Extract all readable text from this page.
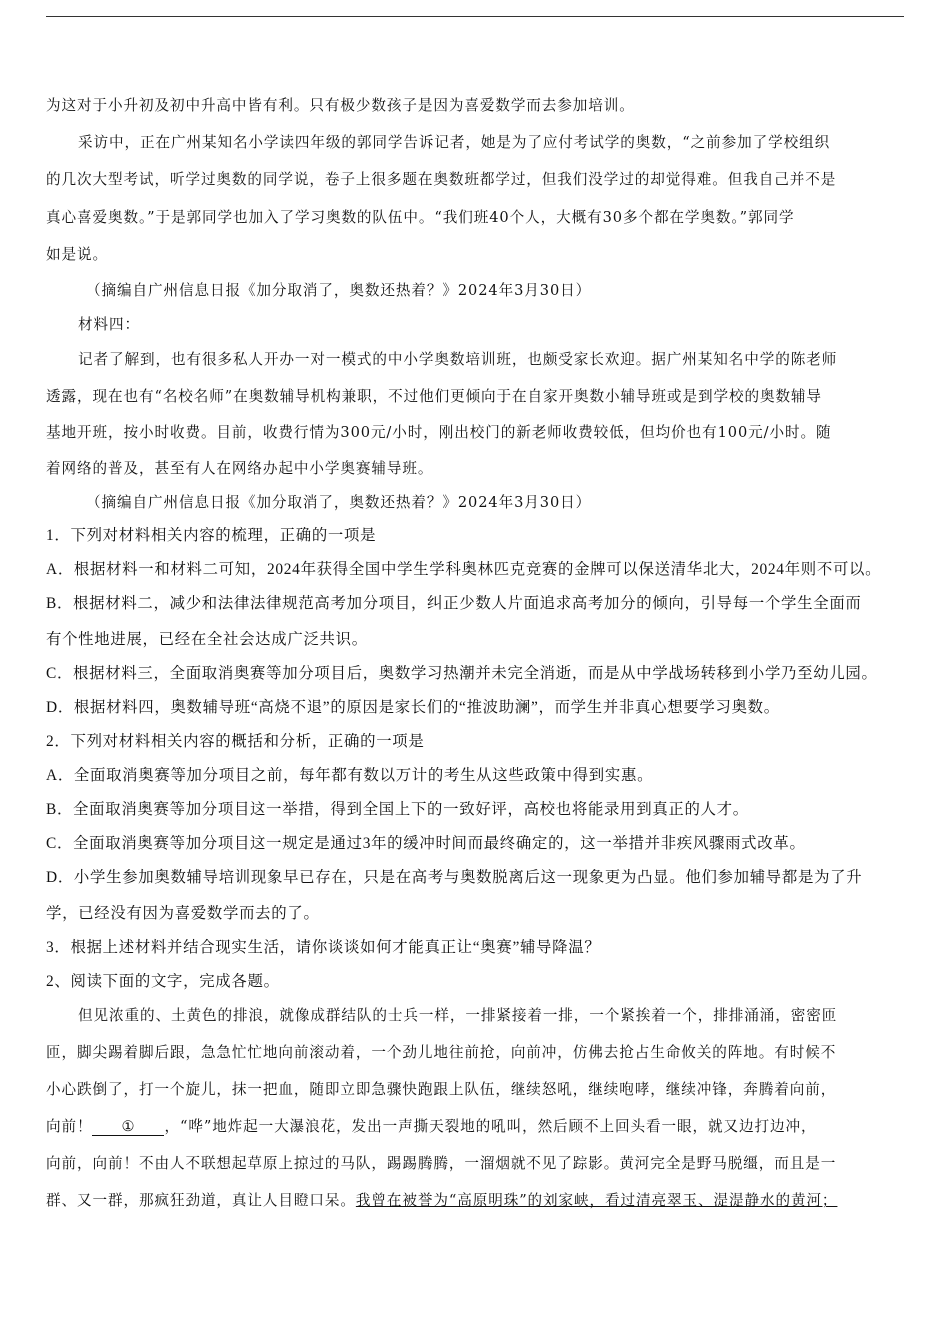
为这对于小升初及初中升高中皆有利。只有极少数孩子是因为喜爱数学而去参加培训。
采访中，正在广州某知名小学读四年级的郭同学告诉记者，她是为了应付考试学的奥数，“之前参加了学校组织
的几次大型考试，听学过奥数的同学说，卷子上很多题在奥数班都学过，但我们没学过的却觉得难。但我自己并不是
真心喜爱奥数。”于是郭同学也加入了学习奥数的队伍中。“我们班40个人，大概有30多个都在学奥数。”郭同学
如是说。
（摘编自广州信息日报《加分取消了，奥数还热着？》2024年3月30日）
材料四：
记者了解到，也有很多私人开办一对一模式的中小学奥数培训班，也颇受家长欢迎。据广州某知名中学的陈老师
透露，现在也有“名校名师”在奥数辅导机构兼职，不过他们更倾向于在自家开奥数小辅导班或是到学校的奥数辅导
基地开班，按小时收费。目前，收费行情为300元/小时，刚出校门的新老师收费较低，但均价也有100元/小时。随
着网络的普及，甚至有人在网络办起中小学奥赛辅导班。
（摘编自广州信息日报《加分取消了，奥数还热着？》2024年3月30日）
1．下列对材料相关内容的梳理，正确的一项是
A．根据材料一和材料二可知，2024年获得全国中学生学科奥林匹克竞赛的金牌可以保送清华北大，2024年则不可以。
B．根据材料二，减少和法律法律规范高考加分项目，纠正少数人片面追求高考加分的倾向，引导每一个学生全面而
有个性地进展，已经在全社会达成广泛共识。
C．根据材料三，全面取消奥赛等加分项目后，奥数学习热潮并未完全消逝，而是从中学战场转移到小学乃至幼儿园。
D．根据材料四，奥数辅导班“高烧不退”的原因是家长们的“推波助澜”，而学生并非真心想要学习奥数。
2．下列对材料相关内容的概括和分析，正确的一项是
A．全面取消奥赛等加分项目之前，每年都有数以万计的考生从这些政策中得到实惠。
B．全面取消奥赛等加分项目这一举措，得到全国上下的一致好评，高校也将能录用到真正的人才。
C．全面取消奥赛等加分项目这一规定是通过3年的缓冲时间而最终确定的，这一举措并非疾风骤雨式改革。
D．小学生参加奥数辅导培训现象早已存在，只是在高考与奥数脱离后这一现象更为凸显。他们参加辅导都是为了升
学，已经没有因为喜爱数学而去的了。
3．根据上述材料并结合现实生活，请你谈谈如何才能真正让“奥赛”辅导降温？
2、阅读下面的文字，完成各题。
但见浓重的、土黄色的排浪，就像成群结队的士兵一样，一排紧接着一排，一个紧挨着一个，排排涌涌，密密匝
匝，脚尖踢着脚后跟，急急忙忙地向前滚动着，一个劲儿地往前抢，向前冲，仿佛去抢占生命攸关的阵地。有时候不
小心跌倒了，打一个旋儿，抹一把血，随即立即急骤快跑跟上队伍，继续怒吼，继续咆哮，继续冲锋，奔腾着向前，
向前！ ① ，“哗”地炸起一大瀑浪花，发出一声撕天裂地的吼叫，然后顾不上回头看一眼，就又边打边冲，
向前，向前！不由人不联想起草原上掠过的马队，踢踢腾腾，一溜烟就不见了踪影。黄河完全是野马脱缰，而且是一
群、又一群，那疯狂劲道，真让人目瞪口呆。我曾在被誉为“高原明珠”的刘家峡，看过清亮翠玉、湜湜静水的黄河；
